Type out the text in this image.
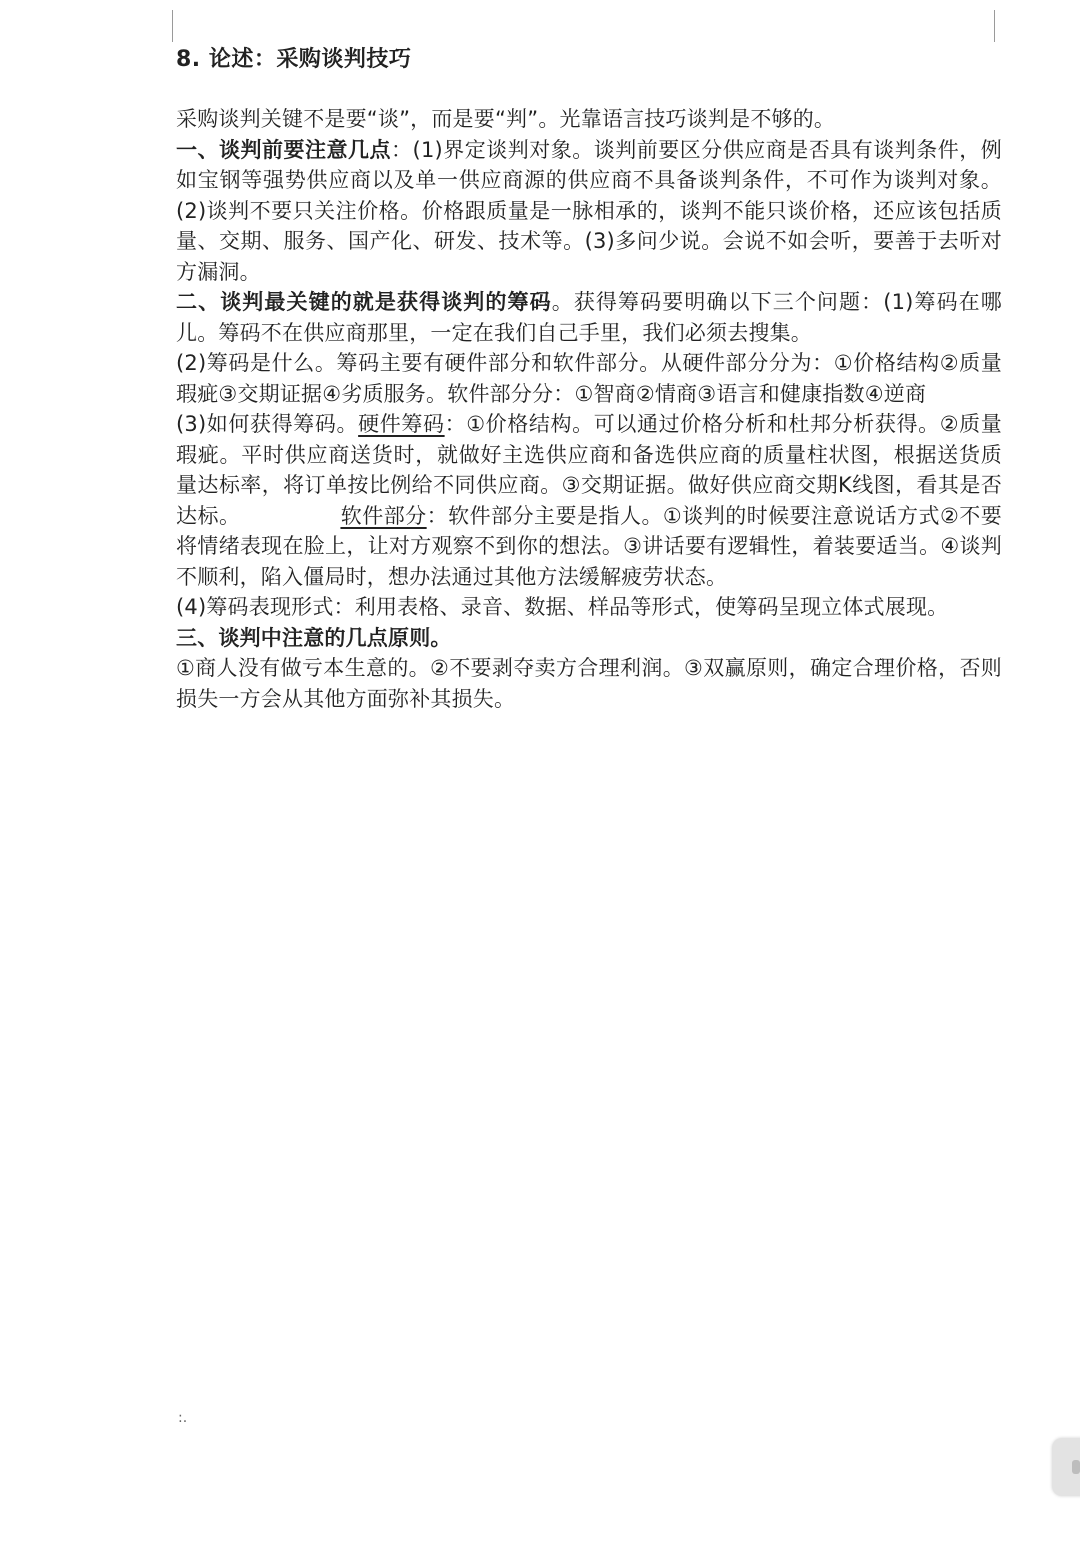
8. 论述：采购谈判技巧

采购谈判关键不是要“谈”，而是要“判”。光靠语言技巧谈判是不够的。

一、谈判前要注意几点：(1)界定谈判对象。谈判前要区分供应商是否具有谈判条件，例如宝钢等强势供应商以及单一供应商源的供应商不具备谈判条件，不可作为谈判对象。(2)谈判不要只关注价格。价格跟质量是一脉相承的，谈判不能只谈价格，还应该包括质量、交期、服务、国产化、研发、技术等。(3)多问少说。会说不如会听，要善于去听对方漏洞。

二、谈判最关键的就是获得谈判的筹码。获得筹码要明确以下三个问题：(1)筹码在哪儿。筹码不在供应商那里，一定在我们自己手里，我们必须去搜集。

(2)筹码是什么。筹码主要有硬件部分和软件部分。从硬件部分分为：①价格结构②质量瑕疵③交期证据④劣质服务。软件部分分：①智商②情商③语言和健康指数④逆商

(3)如何获得筹码。硬件筹码：①价格结构。可以通过价格分析和杜邦分析获得。②质量瑕疵。平时供应商送货时，就做好主选供应商和备选供应商的质量柱状图，根据送货质量达标率，将订单按比例给不同供应商。③交期证据。做好供应商交期K线图，看其是否达标。	软件部分：软件部分主要是指人。①谈判的时候要注意说话方式②不要将情绪表现在脸上，让对方观察不到你的想法。③讲话要有逻辑性，着装要适当。④谈判不顺利，陷入僵局时，想办法通过其他方法缓解疲劳状态。

(4)筹码表现形式：利用表格、录音、数据、样品等形式，使筹码呈现立体式展现。

三、谈判中注意的几点原则。

①商人没有做亏本生意的。②不要剥夺卖方合理利润。③双赢原则，确定合理价格，否则损失一方会从其他方面弥补其损失。

:.
